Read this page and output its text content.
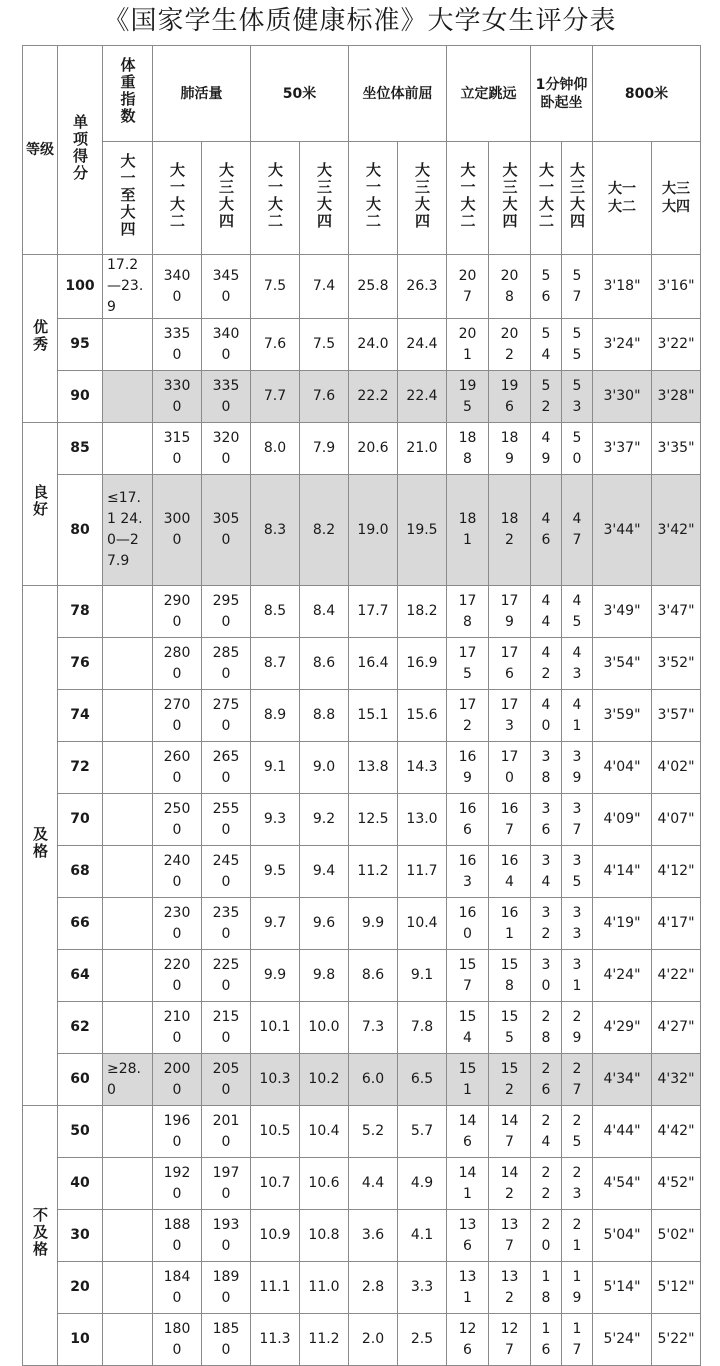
《国家学生体质健康标准》大学女生评分表
等级	单项得分	体重指数	肺活量		50米		坐位体前屈		立定跳远		1分钟仰卧起坐		800米	
		大一至大四	大一大二	大三大四	大一大二	大三大四	大一大二	大三大四	大一大二	大三大四	大一大二	大三大四	大一大二	大三大四
优秀	100	17.2—23.9	3400	3450	7.5	7.4	25.8	26.3	207	208	56	57	3'18"	3'16"
	95		3350	3400	7.6	7.5	24.0	24.4	201	202	54	55	3'24"	3'22"
	90		3300	3350	7.7	7.6	22.2	22.4	195	196	52	53	3'30"	3'28"
良好	85		3150	3200	8.0	7.9	20.6	21.0	188	189	49	50	3'37"	3'35"
	80	≤17.1 24.0—27.9	3000	3050	8.3	8.2	19.0	19.5	181	182	46	47	3'44"	3'42"
及格	78		2900	2950	8.5	8.4	17.7	18.2	178	179	44	45	3'49"	3'47"
	76		2800	2850	8.7	8.6	16.4	16.9	175	176	42	43	3'54"	3'52"
	74		2700	2750	8.9	8.8	15.1	15.6	172	173	40	41	3'59"	3'57"
	72		2600	2650	9.1	9.0	13.8	14.3	169	170	38	39	4'04"	4'02"
	70		2500	2550	9.3	9.2	12.5	13.0	166	167	36	37	4'09"	4'07"
	68		2400	2450	9.5	9.4	11.2	11.7	163	164	34	35	4'14"	4'12"
	66		2300	2350	9.7	9.6	9.9	10.4	160	161	32	33	4'19"	4'17"
	64		2200	2250	9.9	9.8	8.6	9.1	157	158	30	31	4'24"	4'22"
	62		2100	2150	10.1	10.0	7.3	7.8	154	155	28	29	4'29"	4'27"
	60	≥28.0	2000	2050	10.3	10.2	6.0	6.5	151	152	26	27	4'34"	4'32"
不及格	50		1960	2010	10.5	10.4	5.2	5.7	146	147	24	25	4'44"	4'42"
	40		1920	1970	10.7	10.6	4.4	4.9	141	142	22	23	4'54"	4'52"
	30		1880	1930	10.9	10.8	3.6	4.1	136	137	20	21	5'04"	5'02"
	20		1840	1890	11.1	11.0	2.8	3.3	131	132	18	19	5'14"	5'12"
	10		1800	1850	11.3	11.2	2.0	2.5	126	127	16	17	5'24"	5'22"
